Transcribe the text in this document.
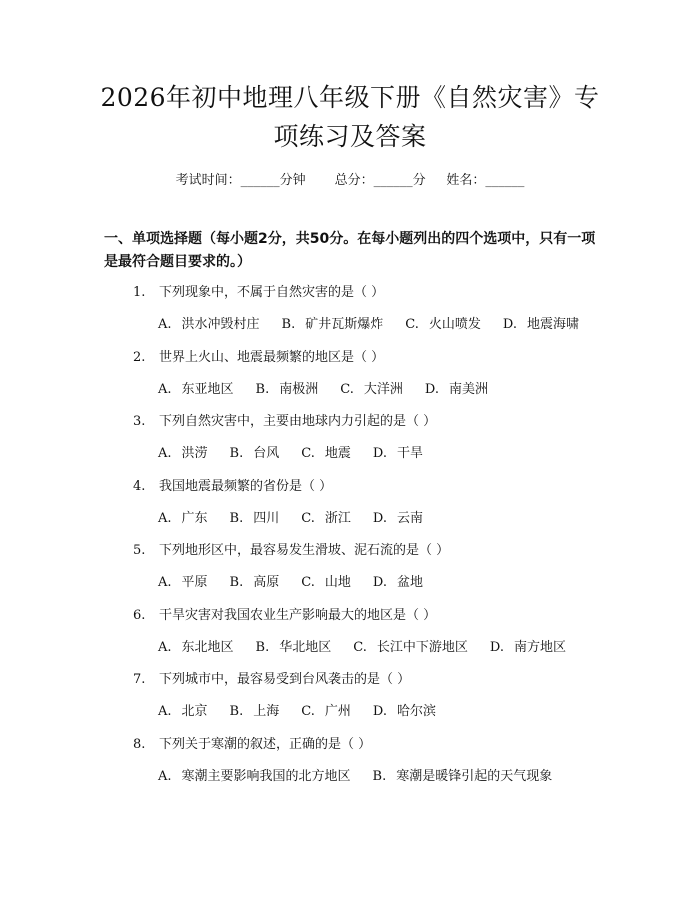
2026年初中地理八年级下册《自然灾害》专项练习及答案
考试时间：______分钟 总分：______分 姓名：______
一、单项选择题（每小题2分，共50分。在每小题列出的四个选项中，只有一项是最符合题目要求的。）
1. 下列现象中，不属于自然灾害的是（ ）
A. 洪水冲毁村庄 B. 矿井瓦斯爆炸 C. 火山喷发 D. 地震海啸
2. 世界上火山、地震最频繁的地区是（ ）
A. 东亚地区 B. 南极洲 C. 大洋洲 D. 南美洲
3. 下列自然灾害中，主要由地球内力引起的是（ ）
A. 洪涝 B. 台风 C. 地震 D. 干旱
4. 我国地震最频繁的省份是（ ）
A. 广东 B. 四川 C. 浙江 D. 云南
5. 下列地形区中，最容易发生滑坡、泥石流的是（ ）
A. 平原 B. 高原 C. 山地 D. 盆地
6. 干旱灾害对我国农业生产影响最大的地区是（ ）
A. 东北地区 B. 华北地区 C. 长江中下游地区 D. 南方地区
7. 下列城市中，最容易受到台风袭击的是（ ）
A. 北京 B. 上海 C. 广州 D. 哈尔滨
8. 下列关于寒潮的叙述，正确的是（ ）
A. 寒潮主要影响我国的北方地区 B. 寒潮是暖锋引起的天气现象
